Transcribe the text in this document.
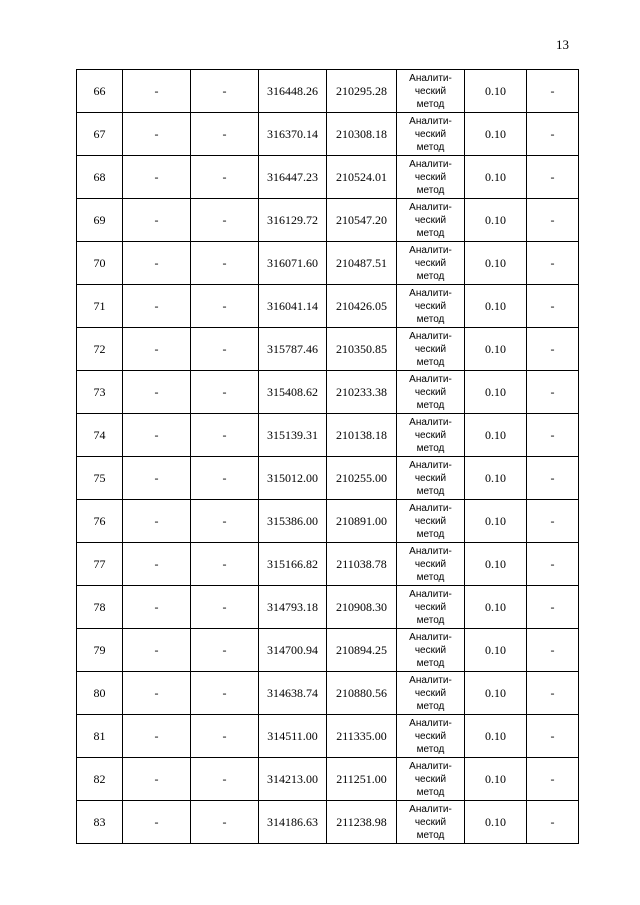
13
66	-	-	316448.26	210295.28	Аналити-
ческий
метод	0.10	-
67	-	-	316370.14	210308.18	Аналити-
ческий
метод	0.10	-
68	-	-	316447.23	210524.01	Аналити-
ческий
метод	0.10	-
69	-	-	316129.72	210547.20	Аналити-
ческий
метод	0.10	-
70	-	-	316071.60	210487.51	Аналити-
ческий
метод	0.10	-
71	-	-	316041.14	210426.05	Аналити-
ческий
метод	0.10	-
72	-	-	315787.46	210350.85	Аналити-
ческий
метод	0.10	-
73	-	-	315408.62	210233.38	Аналити-
ческий
метод	0.10	-
74	-	-	315139.31	210138.18	Аналити-
ческий
метод	0.10	-
75	-	-	315012.00	210255.00	Аналити-
ческий
метод	0.10	-
76	-	-	315386.00	210891.00	Аналити-
ческий
метод	0.10	-
77	-	-	315166.82	211038.78	Аналити-
ческий
метод	0.10	-
78	-	-	314793.18	210908.30	Аналити-
ческий
метод	0.10	-
79	-	-	314700.94	210894.25	Аналити-
ческий
метод	0.10	-
80	-	-	314638.74	210880.56	Аналити-
ческий
метод	0.10	-
81	-	-	314511.00	211335.00	Аналити-
ческий
метод	0.10	-
82	-	-	314213.00	211251.00	Аналити-
ческий
метод	0.10	-
83	-	-	314186.63	211238.98	Аналити-
ческий
метод	0.10	-
